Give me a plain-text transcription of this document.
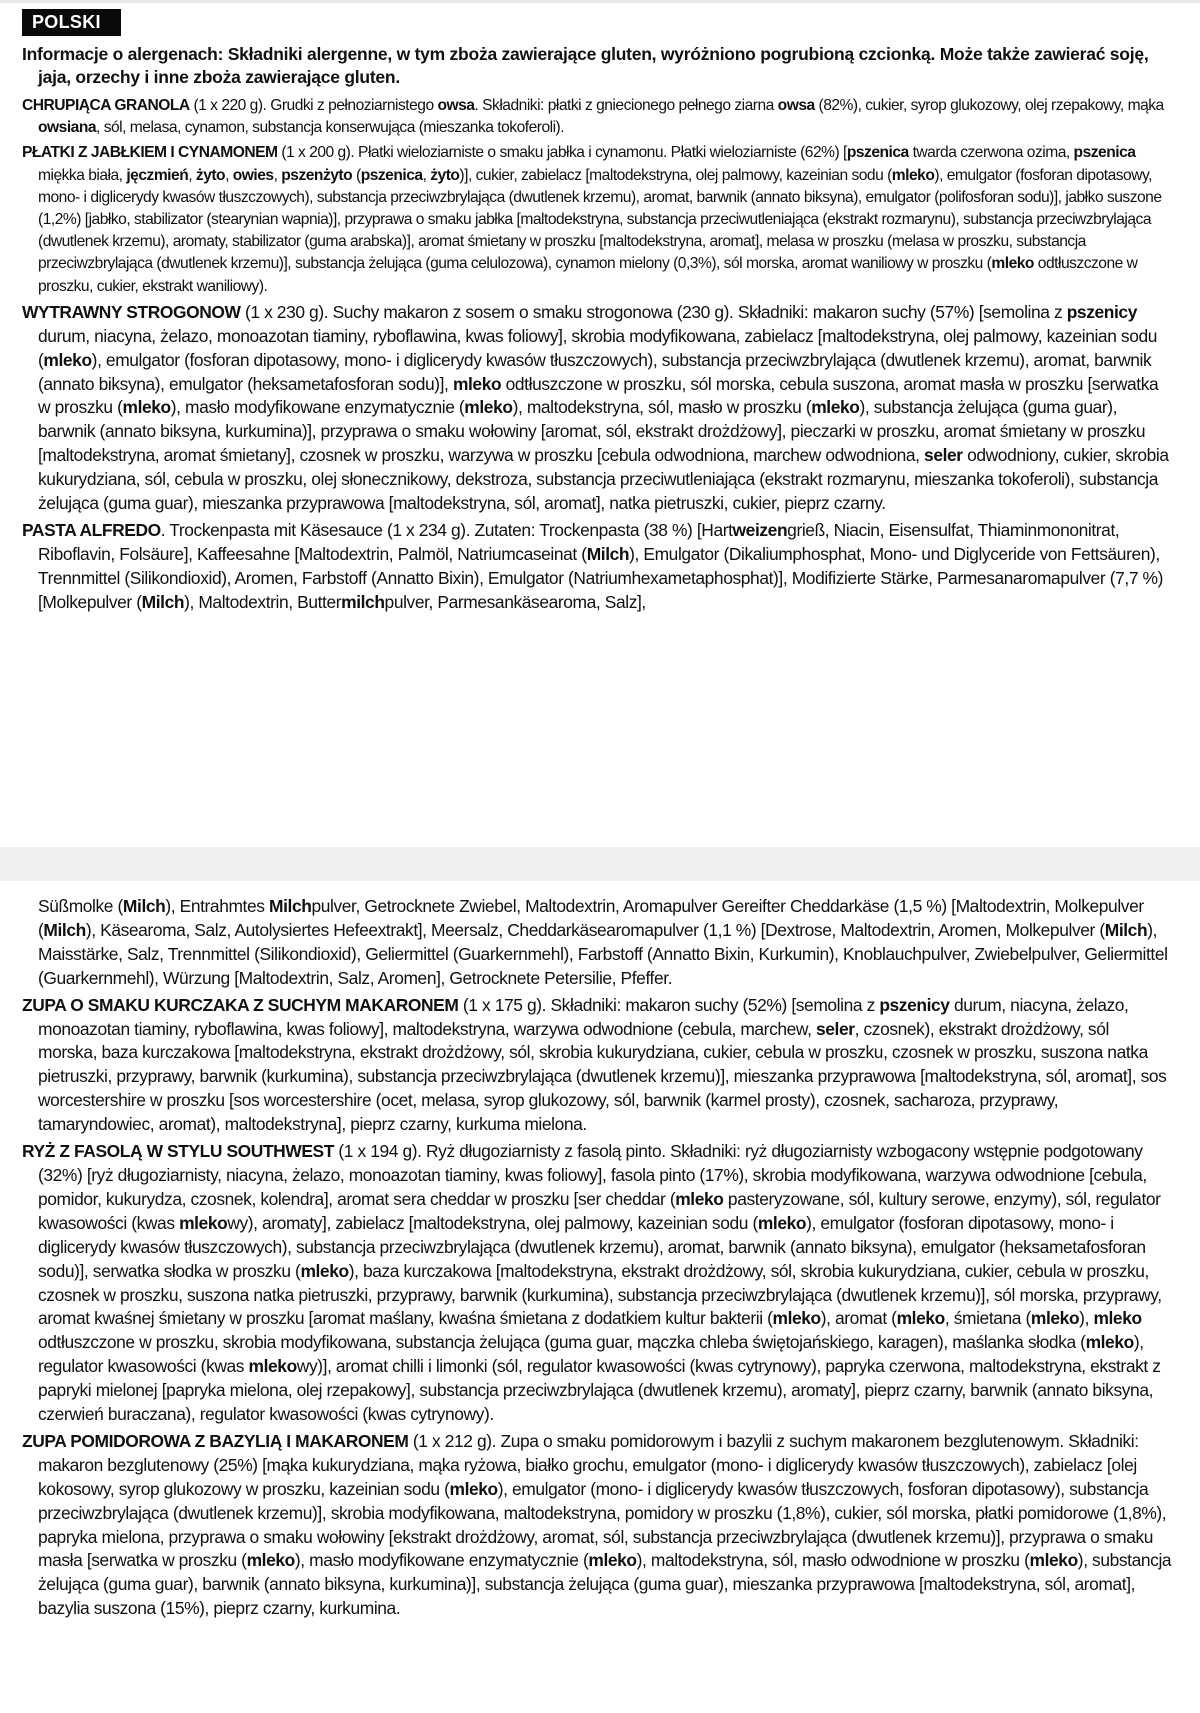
POLSKI

Informacje o alergenach: Składniki alergenne, w tym zboża zawierające gluten, wyróżniono pogrubioną czcionką. Może także zawierać soję, jaja, orzechy i inne zboża zawierające gluten.

CHRUPIĄCA GRANOLA (1 x 220 g). Grudki z pełnoziarnistego owsa. Składniki: płatki z gniecionego pełnego ziarna owsa (82%), cukier, syrop glukozowy, olej rzepakowy, mąka owsiana, sól, melasa, cynamon, substancja konserwująca (mieszanka tokoferoli).

PŁATKI Z JABŁKIEM I CYNAMONEM (1 x 200 g). Płatki wieloziarniste o smaku jabłka i cynamonu. Płatki wieloziarniste (62%) [pszenica twarda czerwona ozima, pszenica miękka biała, jęczmień, żyto, owies, pszenżyto (pszenica, żyto)], cukier, zabielacz [maltodekstryna, olej palmowy, kazeinian sodu (mleko), emulgator (fosforan dipotasowy, mono- i diglicerydy kwasów tłuszczowych), substancja przeciwzbrylająca (dwutlenek krzemu), aromat, barwnik (annato biksyna), emulgator (polifosforan sodu)], jabłko suszone (1,2%) [jabłko, stabilizator (stearynian wapnia)], przyprawa o smaku jabłka [maltodekstryna, substancja przeciwutleniająca (ekstrakt rozmarynu), substancja przeciwzbrylająca (dwutlenek krzemu), aromaty, stabilizator (guma arabska)], aromat śmietany w proszku [maltodekstryna, aromat], melasa w proszku (melasa w proszku, substancja przeciwzbrylająca (dwutlenek krzemu)], substancja żelująca (guma celulozowa), cynamon mielony (0,3%), sól morska, aromat waniliowy w proszku (mleko odtłuszczone w proszku, cukier, ekstrakt waniliowy).

WYTRAWNY STROGONOW (1 x 230 g). Suchy makaron z sosem o smaku strogonowa (230 g). Składniki: makaron suchy (57%) [semolina z pszenicy durum, niacyna, żelazo, monoazotan tiaminy, ryboflawina, kwas foliowy], skrobia modyfikowana, zabielacz [maltodekstryna, olej palmowy, kazeinian sodu (mleko), emulgator (fosforan dipotasowy, mono- i diglicerydy kwasów tłuszczowych), substancja przeciwzbrylająca (dwutlenek krzemu), aromat, barwnik (annato biksyna), emulgator (heksametafosforan sodu)], mleko odtłuszczone w proszku, sól morska, cebula suszona, aromat masła w proszku [serwatka w proszku (mleko), masło modyfikowane enzymatycznie (mleko), maltodekstryna, sól, masło w proszku (mleko), substancja żelująca (guma guar), barwnik (annato biksyna, kurkumina)], przyprawa o smaku wołowiny [aromat, sól, ekstrakt drożdżowy], pieczarki w proszku, aromat śmietany w proszku [maltodekstryna, aromat śmietany], czosnek w proszku, warzywa w proszku [cebula odwodniona, marchew odwodniona, seler odwodniony, cukier, skrobia kukurydziana, sól, cebula w proszku, olej słonecznikowy, dekstroza, substancja przeciwutleniająca (ekstrakt rozmarynu, mieszanka tokoferoli), substancja żelująca (guma guar), mieszanka przyprawowa [maltodekstryna, sól, aromat], natka pietruszki, cukier, pieprz czarny.

PASTA ALFREDO. Trockenpasta mit Käsesauce (1 x 234 g). Zutaten: Trockenpasta (38 %) [Hartweizengrieß, Niacin, Eisensulfat, Thiaminmononitrat, Riboflavin, Folsäure], Kaffeesahne [Maltodextrin, Palmöl, Natriumcaseinat (Milch), Emulgator (Dikaliumphosphat, Mono- und Diglyceride von Fettsäuren), Trennmittel (Silikondioxid), Aromen, Farbstoff (Annatto Bixin), Emulgator (Natriumhexametaphosphat)], Modifizierte Stärke, Parmesanaromapulver (7,7 %) [Molkepulver (Milch), Maltodextrin, Buttermilchpulver, Parmesankäsearoma, Salz],

Süßmolke (Milch), Entrahmtes Milchpulver, Getrocknete Zwiebel, Maltodextrin, Aromapulver Gereifter Cheddarkäse (1,5 %) [Maltodextrin, Molkepulver (Milch), Käsearoma, Salz, Autolysiertes Hefeextrakt], Meersalz, Cheddarkäsearomapulver (1,1 %) [Dextrose, Maltodextrin, Aromen, Molkepulver (Milch), Maisstärke, Salz, Trennmittel (Silikondioxid), Geliermittel (Guarkernmehl), Farbstoff (Annatto Bixin, Kurkumin), Knoblauchpulver, Zwiebelpulver, Geliermittel (Guarkernmehl), Würzung [Maltodextrin, Salz, Aromen], Getrocknete Petersilie, Pfeffer.

ZUPA O SMAKU KURCZAKA Z SUCHYM MAKARONEM (1 x 175 g). Składniki: makaron suchy (52%) [semolina z pszenicy durum, niacyna, żelazo, monoazotan tiaminy, ryboflawina, kwas foliowy], maltodekstryna, warzywa odwodnione (cebula, marchew, seler, czosnek), ekstrakt drożdżowy, sól morska, baza kurczakowa [maltodekstryna, ekstrakt drożdżowy, sól, skrobia kukurydziana, cukier, cebula w proszku, czosnek w proszku, suszona natka pietruszki, przyprawy, barwnik (kurkumina), substancja przeciwzbrylająca (dwutlenek krzemu)], mieszanka przyprawowa [maltodekstryna, sól, aromat], sos worcestershire w proszku [sos worcestershire (ocet, melasa, syrop glukozowy, sól, barwnik (karmel prosty), czosnek, sacharoza, przyprawy, tamaryndowiec, aromat), maltodekstryna], pieprz czarny, kurkuma mielona.

RYŻ Z FASOLĄ W STYLU SOUTHWEST (1 x 194 g). Ryż długoziarnisty z fasolą pinto. Składniki: ryż długoziarnisty wzbogacony wstępnie podgotowany (32%) [ryż długoziarnisty, niacyna, żelazo, monoazotan tiaminy, kwas foliowy], fasola pinto (17%), skrobia modyfikowana, warzywa odwodnione [cebula, pomidor, kukurydza, czosnek, kolendra], aromat sera cheddar w proszku [ser cheddar (mleko pasteryzowane, sól, kultury serowe, enzymy), sól, regulator kwasowości (kwas mlekowy), aromaty], zabielacz [maltodekstryna, olej palmowy, kazeinian sodu (mleko), emulgator (fosforan dipotasowy, mono- i diglicerydy kwasów tłuszczowych), substancja przeciwzbrylająca (dwutlenek krzemu), aromat, barwnik (annato biksyna), emulgator (heksametafosforan sodu)], serwatka słodka w proszku (mleko), baza kurczakowa [maltodekstryna, ekstrakt drożdżowy, sól, skrobia kukurydziana, cukier, cebula w proszku, czosnek w proszku, suszona natka pietruszki, przyprawy, barwnik (kurkumina), substancja przeciwzbrylająca (dwutlenek krzemu)], sól morska, przyprawy, aromat kwaśnej śmietany w proszku [aromat maślany, kwaśna śmietana z dodatkiem kultur bakterii (mleko), aromat (mleko, śmietana (mleko), mleko odtłuszczone w proszku, skrobia modyfikowana, substancja żelująca (guma guar, mączka chleba świętojańskiego, karagen), maślanka słodka (mleko), regulator kwasowości (kwas mlekowy)], aromat chilli i limonki (sól, regulator kwasowości (kwas cytrynowy), papryka czerwona, maltodekstryna, ekstrakt z papryki mielonej [papryka mielona, olej rzepakowy], substancja przeciwzbrylająca (dwutlenek krzemu), aromaty], pieprz czarny, barwnik (annato biksyna, czerwień buraczana), regulator kwasowości (kwas cytrynowy).

ZUPA POMIDOROWA Z BAZYLIĄ I MAKARONEM (1 x 212 g). Zupa o smaku pomidorowym i bazylii z suchym makaronem bezglutenowym. Składniki: makaron bezglutenowy (25%) [mąka kukurydziana, mąka ryżowa, białko grochu, emulgator (mono- i diglicerydy kwasów tłuszczowych), zabielacz [olej kokosowy, syrop glukozowy w proszku, kazeinian sodu (mleko), emulgator (mono- i diglicerydy kwasów tłuszczowych, fosforan dipotasowy), substancja przeciwzbrylająca (dwutlenek krzemu)], skrobia modyfikowana, maltodekstryna, pomidory w proszku (1,8%), cukier, sól morska, płatki pomidorowe (1,8%), papryka mielona, przyprawa o smaku wołowiny [ekstrakt drożdżowy, aromat, sól, substancja przeciwzbrylająca (dwutlenek krzemu)], przyprawa o smaku masła [serwatka w proszku (mleko), masło modyfikowane enzymatycznie (mleko), maltodekstryna, sól, masło odwodnione w proszku (mleko), substancja żelująca (guma guar), barwnik (annato biksyna, kurkumina)], substancja żelująca (guma guar), mieszanka przyprawowa [maltodekstryna, sól, aromat], bazylia suszona (15%), pieprz czarny, kurkumina.
